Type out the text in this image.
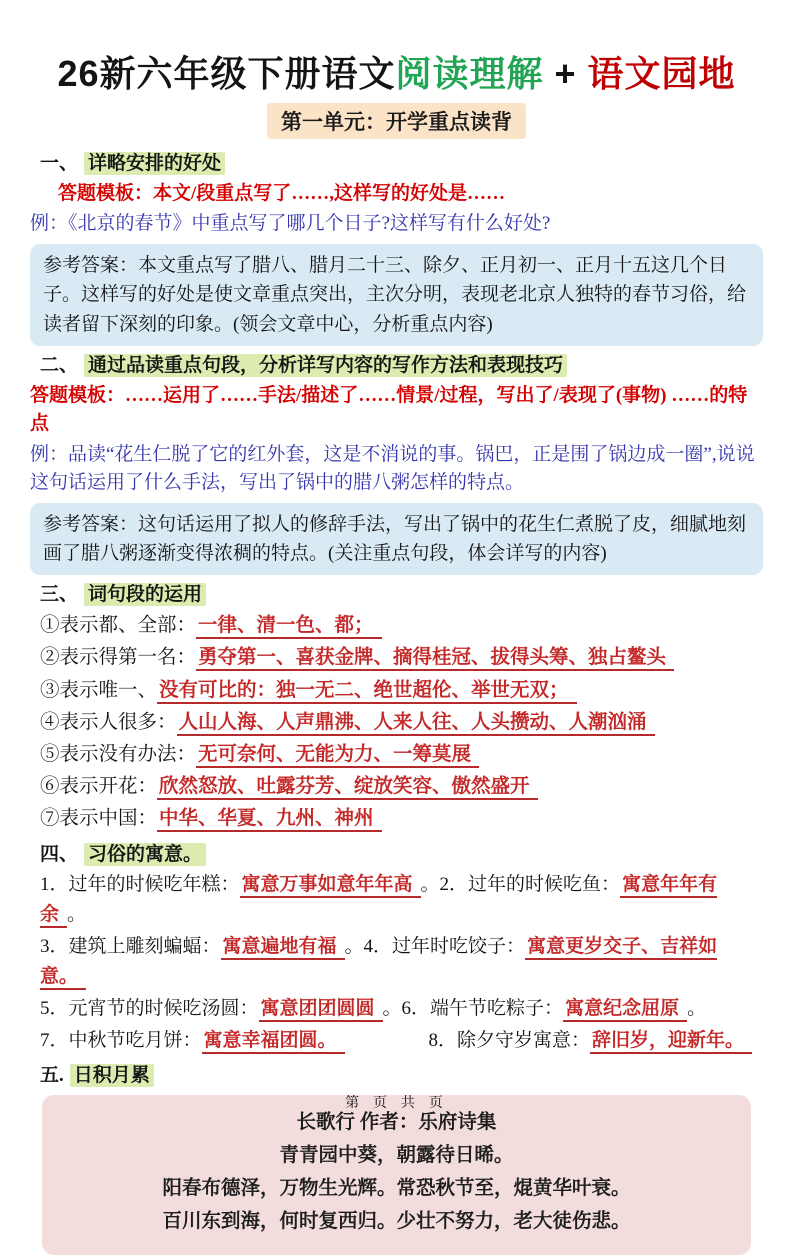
26新六年级下册语文阅读理解 + 语文园地
第一单元：开学重点读背
一、 详略安排的好处

答题模板：本文/段重点写了……,这样写的好处是……

例：《北京的春节》中重点写了哪几个日子?这样写有什么好处?

参考答案：本文重点写了腊八、腊月二十三、除夕、正月初一、正月十五这几个日子。这样写的好处是使文章重点突出，主次分明，表现老北京人独特的春节习俗，给读者留下深刻的印象。(领会文章中心，分析重点内容)
二、 通过品读重点句段，分析详写内容的写作方法和表现技巧

答题模板：……运用了……手法/描述了……情景/过程，写出了/表现了(事物) ……的特点

例：品读“花生仁脱了它的红外套，这是不消说的事。锅巴，正是围了锅边成一圈”,说说这句话运用了什么手法，写出了锅中的腊八粥怎样的特点。

参考答案：这句话运用了拟人的修辞手法，写出了锅中的花生仁煮脱了皮，细腻地刻画了腊八粥逐渐变得浓稠的特点。(关注重点句段，体会详写的内容)
三、 词句段的运用

①表示都、全部： 一律、清一色、都；

②表示得第一名： 勇夺第一、喜获金牌、摘得桂冠、拔得头筹、独占鳌头

③表示唯一、 没有可比的：独一无二、绝世超伦、举世无双；

④表示人很多： 人山人海、人声鼎沸、人来人往、人头攒动、人潮汹涌

⑤表示没有办法： 无可奈何、无能为力、一筹莫展

⑥表示开花： 欣然怒放、吐露芬芳、绽放笑容、傲然盛开

⑦表示中国： 中华、华夏、九州、神州

四、 习俗的寓意。

1．过年的时候吃年糕： 寓意万事如意年年高 。2．过年的时候吃鱼： 寓意年年有余 。

3．建筑上雕刻蝙蝠： 寓意遍地有福 。4．过年时吃饺子： 寓意更岁交子、吉祥如意。

5．元宵节的时候吃汤圆： 寓意团团圆圆 。6．端午节吃粽子： 寓意纪念屈原 。

7．中秋节吃月饼： 寓意幸福团圆。	8．除夕守岁寓意： 辞旧岁，迎新年。

五. 日积月累

长歌行 作者：乐府诗集

青青园中葵，朝露待日晞。

阳春布德泽，万物生光辉。常恐秋节至，焜黄华叶衰。

百川东到海，何时复西归。少壮不努力，老大徒伤悲。

第 页 共 页
